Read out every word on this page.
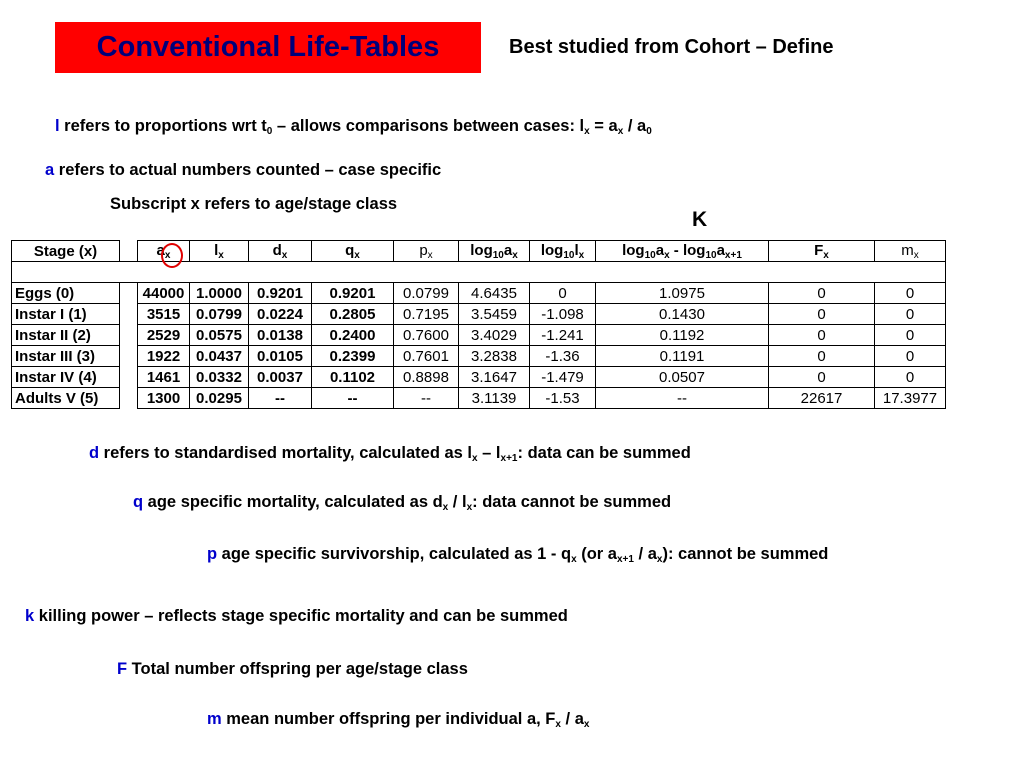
Conventional Life-Tables	Best studied from Cohort – Define
l refers to proportions wrt $t_0$ – allows comparisons between cases: $l_x = a_x / a_0$
a refers to actual numbers counted – case specific
Subscript x refers to age/stage class
K
Stage (x)		$a_x$	$l_x$	$d_x$	$q_x$	$p_x$	$\log_{10}a_x$	$\log_{10}l_x$	$\log_{10}a_x - \log_{10}a_{x+1}$	$F_x$	$m_x$

Eggs (0)		44000	1.0000	0.9201	0.9201	0.0799	4.6435	0	1.0975	0	0
Instar I (1)		3515	0.0799	0.0224	0.2805	0.7195	3.5459	-1.098	0.1430	0	0
Instar II (2)		2529	0.0575	0.0138	0.2400	0.7600	3.4029	-1.241	0.1192	0	0
Instar III (3)		1922	0.0437	0.0105	0.2399	0.7601	3.2838	-1.36	0.1191	0	0
Instar IV (4)		1461	0.0332	0.0037	0.1102	0.8898	3.1647	-1.479	0.0507	0	0
Adults V (5)		1300	0.0295	--	--	--	3.1139	-1.53	--	22617	17.3977
d refers to standardised mortality, calculated as $l_x - l_{x+1}$: data can be summed
q age specific mortality, calculated as $d_x / l_x$: data cannot be summed
p age specific survivorship, calculated as $1 - q_x$ (or $a_{x+1} / a_x$): cannot be summed
k killing power – reflects stage specific mortality and can be summed
F Total number offspring per age/stage class
m mean number offspring per individual a, $F_x / a_x$
